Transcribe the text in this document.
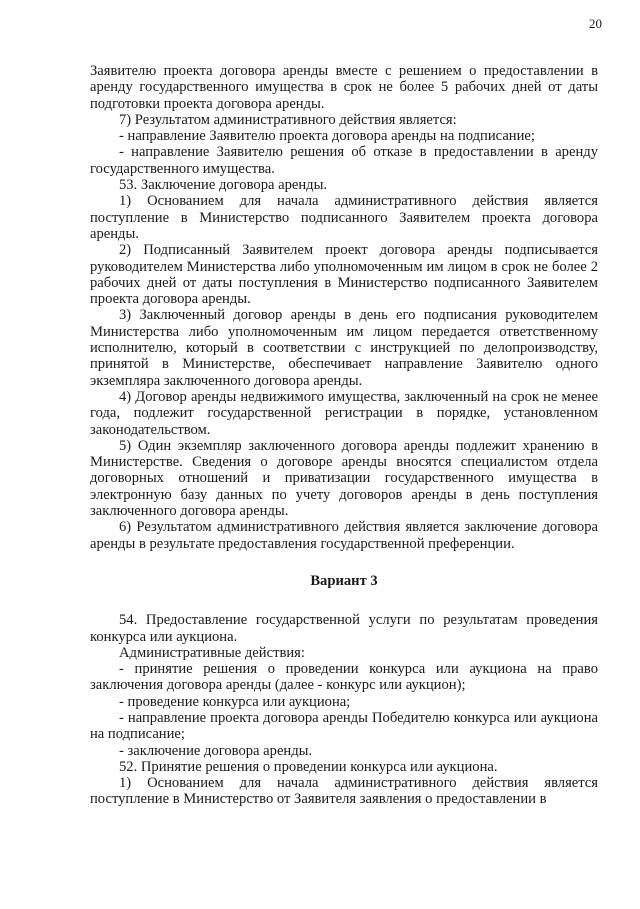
20

Заявителю проекта договора аренды вместе с решением о предоставлении в аренду государственного имущества в срок не более 5 рабочих дней от даты подготовки проекта договора аренды.

7) Результатом административного действия является:

- направление Заявителю проекта договора аренды на подписание;

- направление Заявителю решения об отказе в предоставлении в аренду государственного имущества.

53. Заключение договора аренды.

1) Основанием для начала административного действия является поступление в Министерство подписанного Заявителем проекта договора аренды.

2) Подписанный Заявителем проект договора аренды подписывается руководителем Министерства либо уполномоченным им лицом в срок не более 2 рабочих дней от даты поступления в Министерство подписанного Заявителем проекта договора аренды.

3) Заключенный договор аренды в день его подписания руководителем Министерства либо уполномоченным им лицом передается ответственному исполнителю, который в соответствии с инструкцией по делопроизводству, принятой в Министерстве, обеспечивает направление Заявителю одного экземпляра заключенного договора аренды.

4) Договор аренды недвижимого имущества, заключенный на срок не менее года, подлежит государственной регистрации в порядке, установленном законодательством.

5) Один экземпляр заключенного договора аренды подлежит хранению в Министерстве. Сведения о договоре аренды вносятся специалистом отдела договорных отношений и приватизации государственного имущества в электронную базу данных по учету договоров аренды в день поступления заключенного договора аренды.

6) Результатом административного действия является заключение договора аренды в результате предоставления государственной преференции.

Вариант 3

54. Предоставление государственной услуги по результатам проведения конкурса или аукциона.

Административные действия:

- принятие решения о проведении конкурса или аукциона на право заключения договора аренды (далее - конкурс или аукцион);

- проведение конкурса или аукциона;

- направление проекта договора аренды Победителю конкурса или аукциона на подписание;

- заключение договора аренды.

52. Принятие решения о проведении конкурса или аукциона.

1) Основанием для начала административного действия является поступление в Министерство от Заявителя заявления о предоставлении в
